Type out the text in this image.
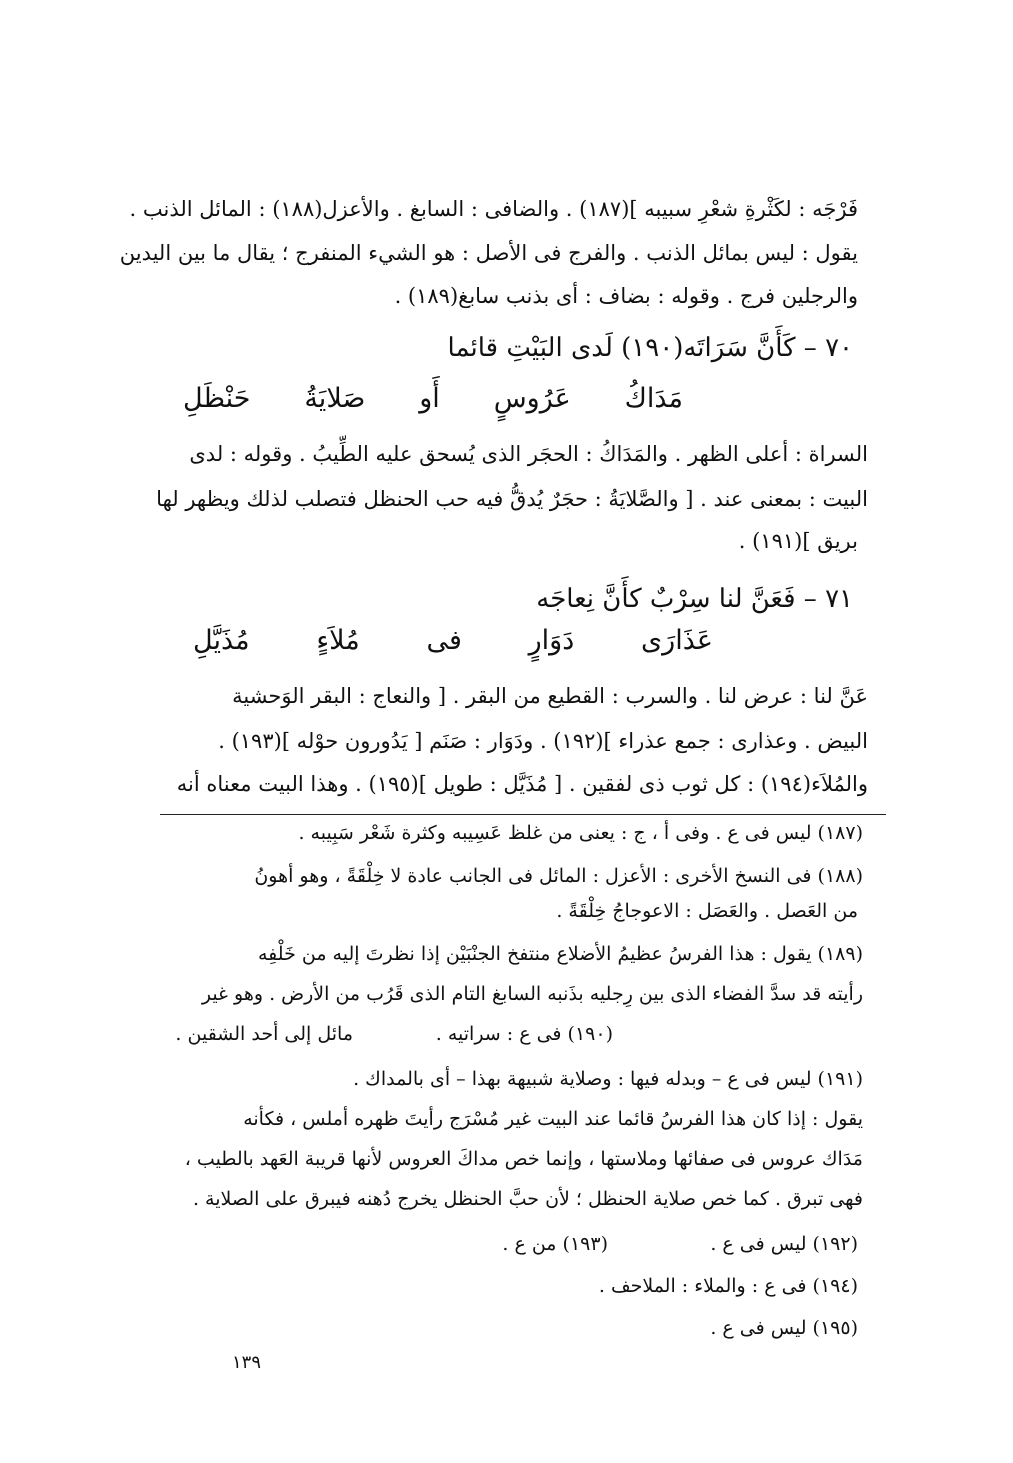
فَرْجَه : لكَثْرةِ شعْرِ سبيبه ](١٨٧) . والضافى : السابغ . والأعزل(١٨٨) : المائل الذنب .
يقول : ليس بمائل الذنب . والفرج فى الأصل : هو الشيء المنفرج ؛ يقال ما بين اليدين
والرجلين فرج . وقوله : بضاف : أى بذنب سابغ(١٨٩) .
٧٠ – كَأَنَّ سَرَاتَه(١٩٠) لَدى البَيْتِ قائما
مَدَاكُ عَرُوسٍ أَو صَلايَةُ حَنْظَلِ
السراة : أعلى الظهر . والمَدَاكُ : الحجَر الذى يُسحق عليه الطِّيبُ . وقوله : لدى
البيت : بمعنى عند . [ والصَّلايَةُ : حجَرٌ يُدقُّ فيه حب الحنظل فتصلب لذلك ويظهر لها
بريق ](١٩١) .
٧١ – فَعَنَّ لنا سِرْبٌ كأَنَّ نِعاجَه
عَذَارَى دَوَارٍ فى مُلاَءٍ مُذَيَّلِ
عَنَّ لنا : عرض لنا . والسرب : القطيع من البقر . [ والنعاج : البقر الوَحشية
البيض . وعذارى : جمع عذراء ](١٩٢) . ودَوَار : صَنَم [ يَدُورون حوْله ](١٩٣) .
والمُلاَء(١٩٤) : كل ثوب ذى لفقين . [ مُذَيَّل : طويل ](١٩٥) . وهذا البيت معناه أنه
(١٨٧) ليس فى ع . وفى أ ، ج : يعنى من غلظ عَسِيبه وكثرة شَعْر سَبِيبه .
(١٨٨) فى النسخ الأخرى : الأعزل : المائل فى الجانب عادة لا خِلْقَةً ، وهو أهونُ
من العَصل . والعَصَل : الاعوجاجُ خِلْقَةً .
(١٨٩) يقول : هذا الفرسُ عظيمُ الأضلاع منتفخ الجنْبَيْن إذا نظرتَ إليه من خَلْفِه
رأيته قد سدَّ الفضاء الذى بين رِجليه بذَنبه السابغ التام الذى قَرُب من الأرض . وهو غير
مائل إلى أحد الشقين .	(١٩٠) فى ع : سراتيه .
(١٩١) ليس فى ع – وبدله فيها : وصلاية شبيهة بهذا – أى بالمداك .
يقول : إذا كان هذا الفرسُ قائما عند البيت غير مُسْرَج رأيتَ ظهره أملس ، فكأنه
مَدَاك عروس فى صفائها وملاستها ، وإنما خص مداكَ العروس لأنها قريبة العَهد بالطيب ،
فهى تبرق . كما خص صلاية الحنظل ؛ لأن حبَّ الحنظل يخرج دُهنه فيبرق على الصلاية .
(١٩٢) ليس فى ع .
(١٩٣) من ع .
(١٩٤) فى ع : والملاء : الملاحف .
(١٩٥) ليس فى ع .
١٣٩
